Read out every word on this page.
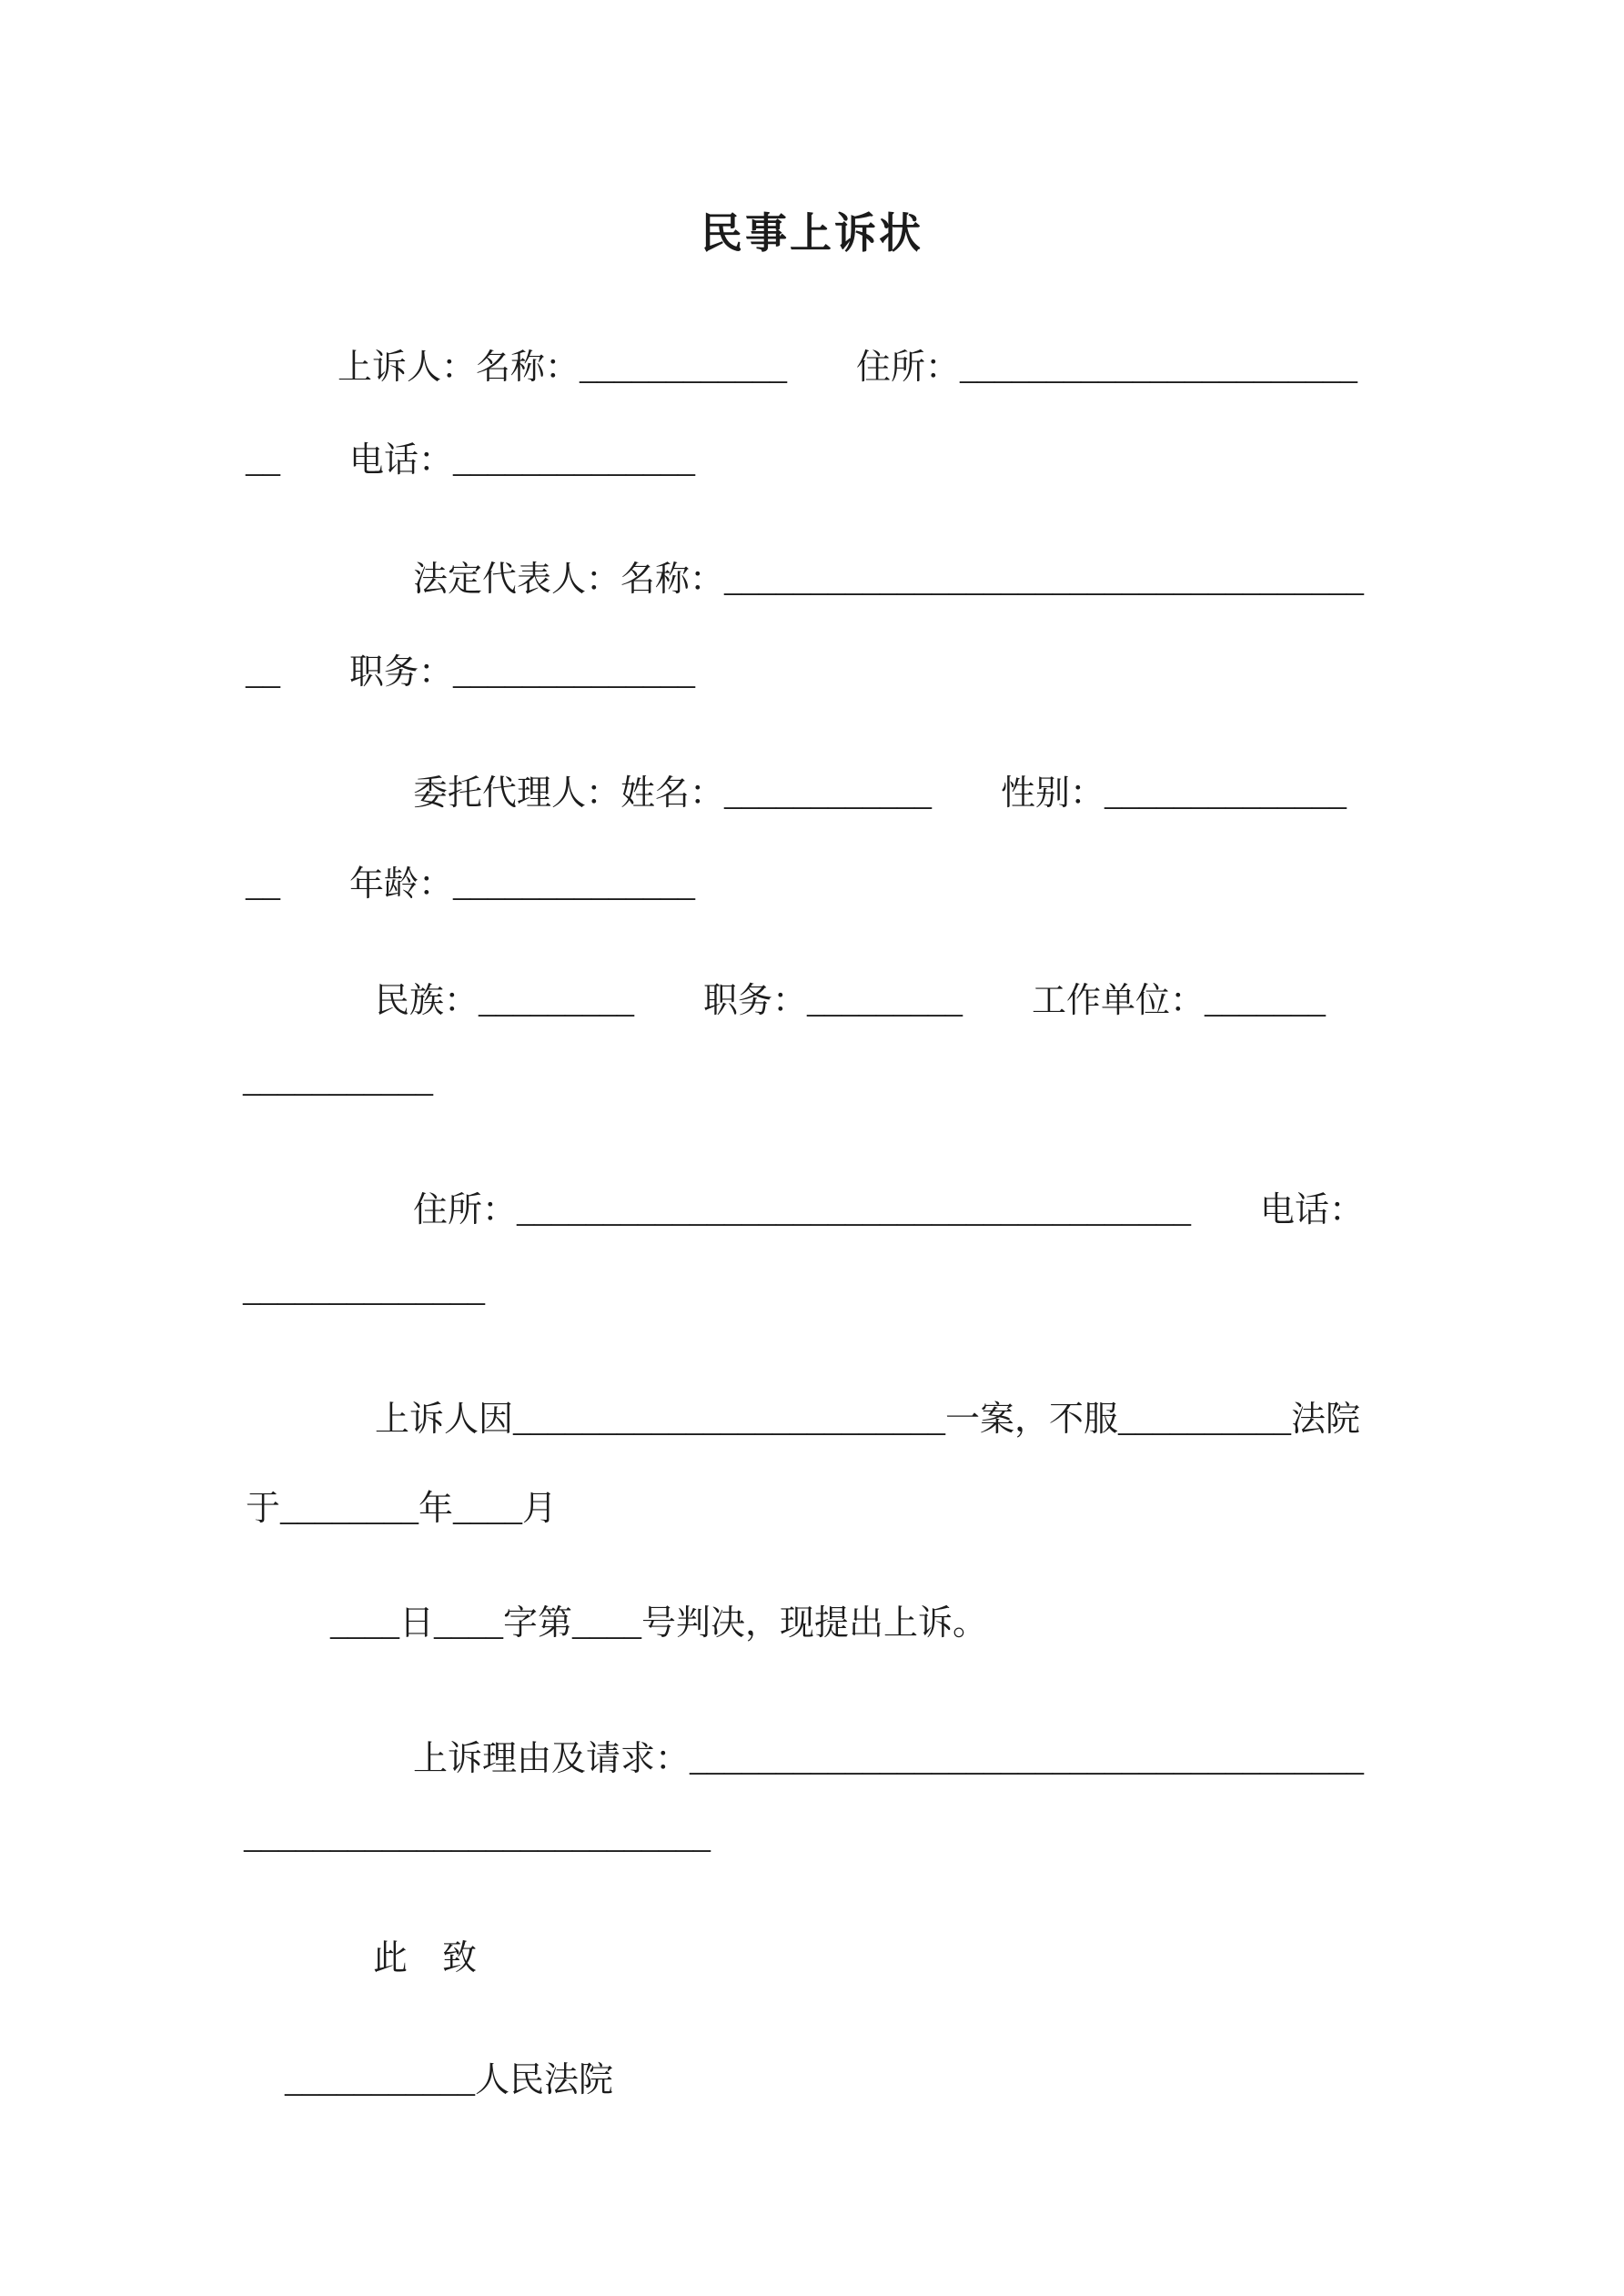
民事上诉状
上诉人：名称：____________　　住所：_______________________
__　　电话：______________
法定代表人：名称：_____________________________________
__　　职务：______________
委托代理人：姓名：____________　　性别：______________
__　　年龄：______________
民族：_________　　职务：_________　　工作单位：_______
___________
住所：_______________________________________　　电话：
______________
上诉人因_________________________一案，不服__________法院
于________年____月
____日____字第____号判决，现提出上诉。
上诉理由及请求：_______________________________________
___________________________
此　致
___________人民法院
